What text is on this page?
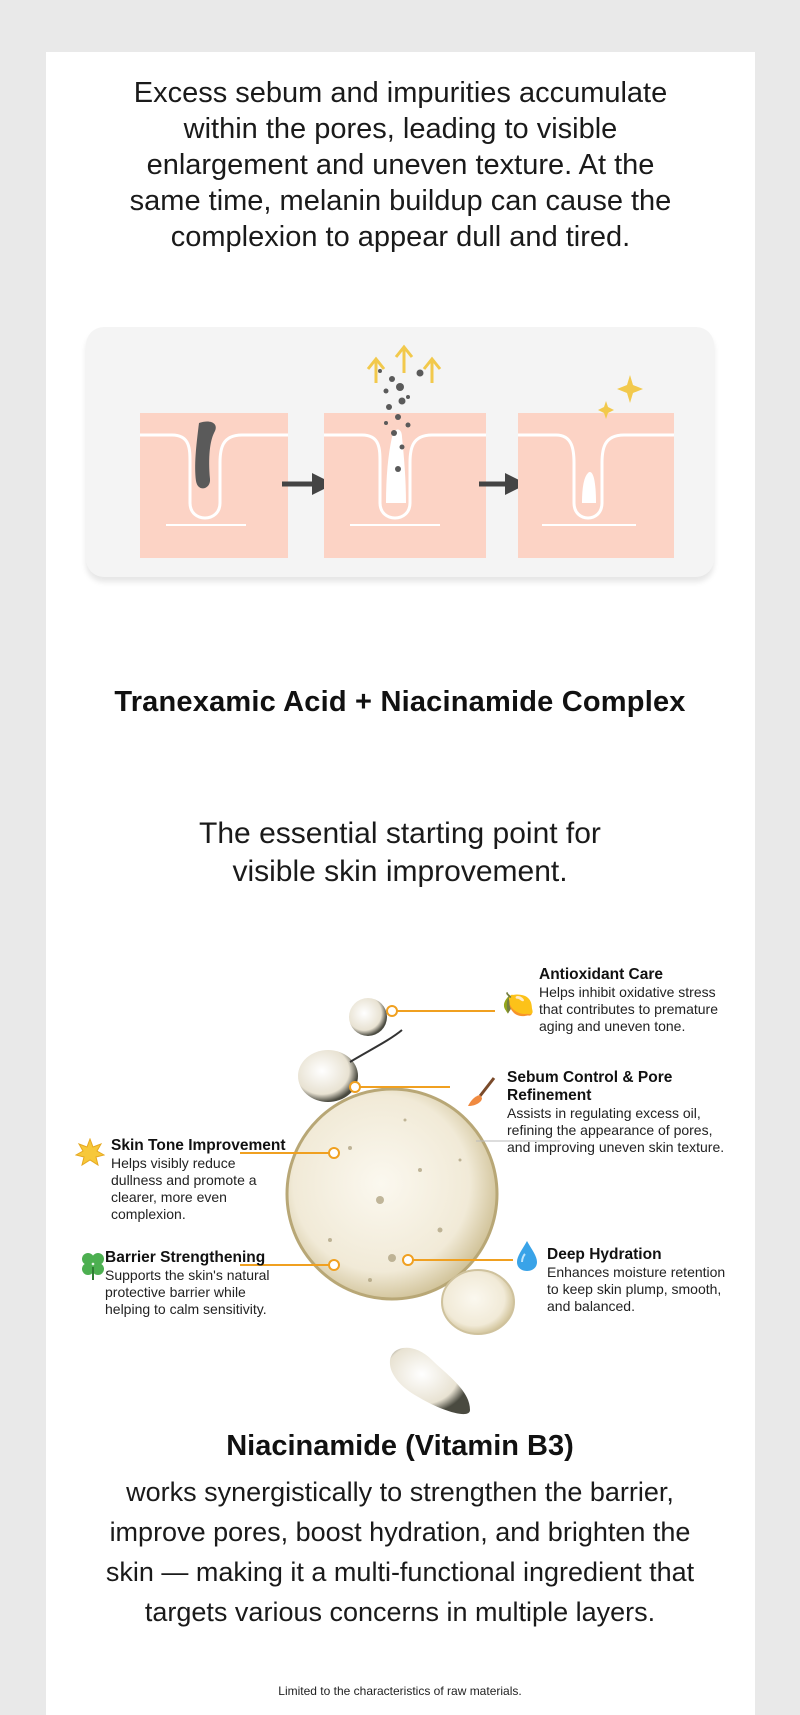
Excess sebum and impurities accumulate
within the pores, leading to visible
enlargement and uneven texture. At the
same time, melanin buildup can cause the
complexion to appear dull and tired.
Tranexamic Acid + Niacinamide Complex
The essential starting point for
visible skin improvement.
🍋
Antioxidant Care
Helps inhibit oxidative stress
that contributes to premature
aging and uneven tone.
Sebum Control & Pore
Refinement
Assists in regulating excess oil,
refining the appearance of pores,
and improving uneven skin texture.
Skin Tone Improvement
Helps visibly reduce
dullness and promote a
clearer, more even
complexion.
Barrier Strengthening
Supports the skin's natural
protective barrier while
helping to calm sensitivity.
Deep Hydration
Enhances moisture retention
to keep skin plump, smooth,
and balanced.
Niacinamide (Vitamin B3)
works synergistically to strengthen the barrier,
improve pores, boost hydration, and brighten the
skin — making it a multi-functional ingredient that
targets various concerns in multiple layers.
Limited to the characteristics of raw materials.
